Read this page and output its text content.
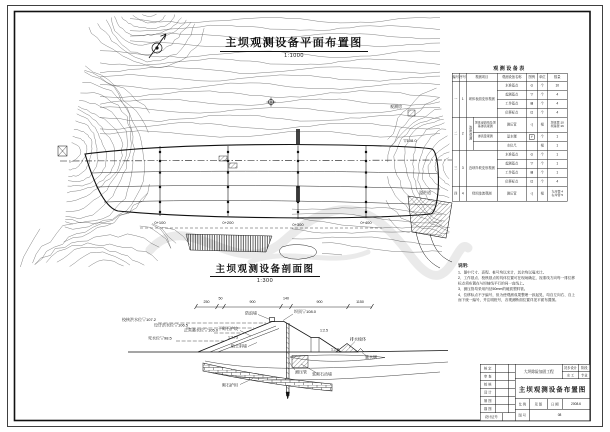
0+100	0+200	0+300	0+400
溢洪道
▽108.0
观测房
250
50
900
140
900	1150
校核洪水位▽107.2
设计洪水位▽106.5
正常蓄水位▽105.0
死水位▽98.5
防浪墙	坝顶▽108.0
干砌石护坡
粘土斜墙
测压管
排水棱体
量水堰
浆砌石齿墙
砌石护坦
1:2.75
1:2.5
1:2.0
主坝观测设备平面布置图
1:1000
主坝观测设备剖面图
1:300
观测设备表
编号	序号	观测项目		观测设备名称	图例	单位	数量
一	1	坝体表面变形观测		水准基点	⊙	个	10
				起测基点	▽	个	4
				工作基点	⊠	个	4
				位移标点	⊡	个	4
二	2	渗流观测	坝体浸润线及坝基渗流观测	测压管	○|	根	坝体管:10
坝基管:16

			渗流量观测	量水堰	∨	个	1
				水位尺		根	1
三	3	近坝岸坡变形观测		水准基点	⊙	个	1
				起测基点	▽	个	1
				工作基点	⊠	个	1
				位移标点	⊡	个	4
四	4	绕坝渗流观测		测压管	○|	根	左岸管:4
右岸管:5
说明:
1、图中尺寸、高程、桩号均以米计，其余均以毫米计。
2、工作基点、校核基点的具体位置可在现场确定，视准线方向每一排位移标点须布置在与坝轴线平行的同一直线上。
3、测压管均采用内径50mm的硬质塑料管。
4、位移标点不予编号，但为使观测成果整理一致起见，均自左向右、自上而下统一编号，并注明桩号，各观测断面位置详见平面布置图。
核 定
审 查
校 核
设 计
制 图
描 图
设计证号
大坝除险加固工程
初步设计 阶段
水 工	专业
主坝观测设备布置图
比 例	见 图	日 期	2008.6
图 号	08
